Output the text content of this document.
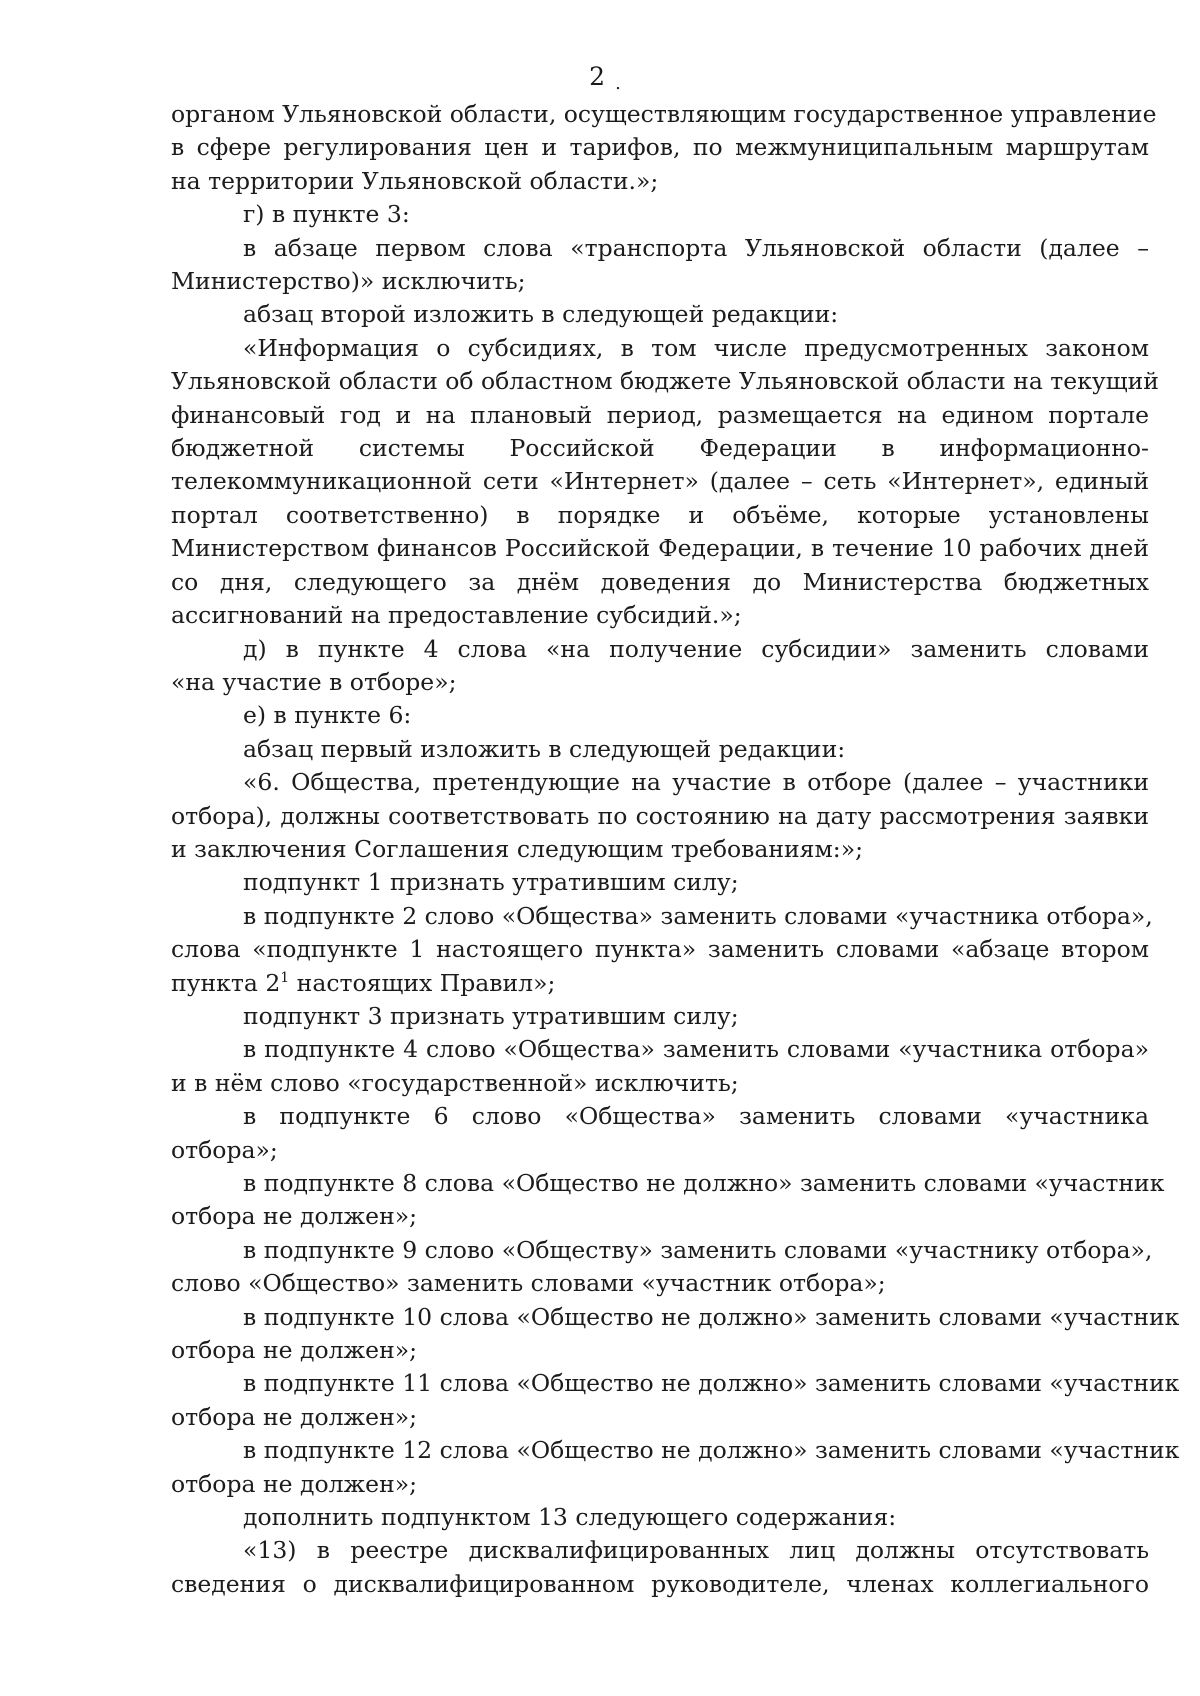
2 .
органом Ульяновской области, осуществляющим государственное управление
в сфере регулирования цен и тарифов, по межмуниципальным маршрутам
на территории Ульяновской области.»;
г) в пункте 3:
в абзаце первом слова «транспорта Ульяновской области (далее –
Министерство)» исключить;
абзац второй изложить в следующей редакции:
«Информация о субсидиях, в том числе предусмотренных законом
Ульяновской области об областном бюджете Ульяновской области на текущий
финансовый год и на плановый период, размещается на едином портале
бюджетной системы Российской Федерации в информационно-
телекоммуникационной сети «Интернет» (далее – сеть «Интернет», единый
портал соответственно) в порядке и объёме, которые установлены
Министерством финансов Российской Федерации, в течение 10 рабочих дней
со дня, следующего за днём доведения до Министерства бюджетных
ассигнований на предоставление субсидий.»;
д) в пункте 4 слова «на получение субсидии» заменить словами
«на участие в отборе»;
е) в пункте 6:
абзац первый изложить в следующей редакции:
«6. Общества, претендующие на участие в отборе (далее – участники
отбора), должны соответствовать по состоянию на дату рассмотрения заявки
и заключения Соглашения следующим требованиям:»;
подпункт 1 признать утратившим силу;
в подпункте 2 слово «Общества» заменить словами «участника отбора»,
слова «подпункте 1 настоящего пункта» заменить словами «абзаце втором
пункта $2^1$ настоящих Правил»;
подпункт 3 признать утратившим силу;
в подпункте 4 слово «Общества» заменить словами «участника отбора»
и в нём слово «государственной» исключить;
в подпункте 6 слово «Общества» заменить словами «участника отбора»;
в подпункте 8 слова «Общество не должно» заменить словами «участник
отбора не должен»;
в подпункте 9 слово «Обществу» заменить словами «участнику отбора»,
слово «Общество» заменить словами «участник отбора»;
в подпункте 10 слова «Общество не должно» заменить словами «участник
отбора не должен»;
в подпункте 11 слова «Общество не должно» заменить словами «участник
отбора не должен»;
в подпункте 12 слова «Общество не должно» заменить словами «участник
отбора не должен»;
дополнить подпунктом 13 следующего содержания:
«13) в реестре дисквалифицированных лиц должны отсутствовать
сведения о дисквалифицированном руководителе, членах коллегиального
